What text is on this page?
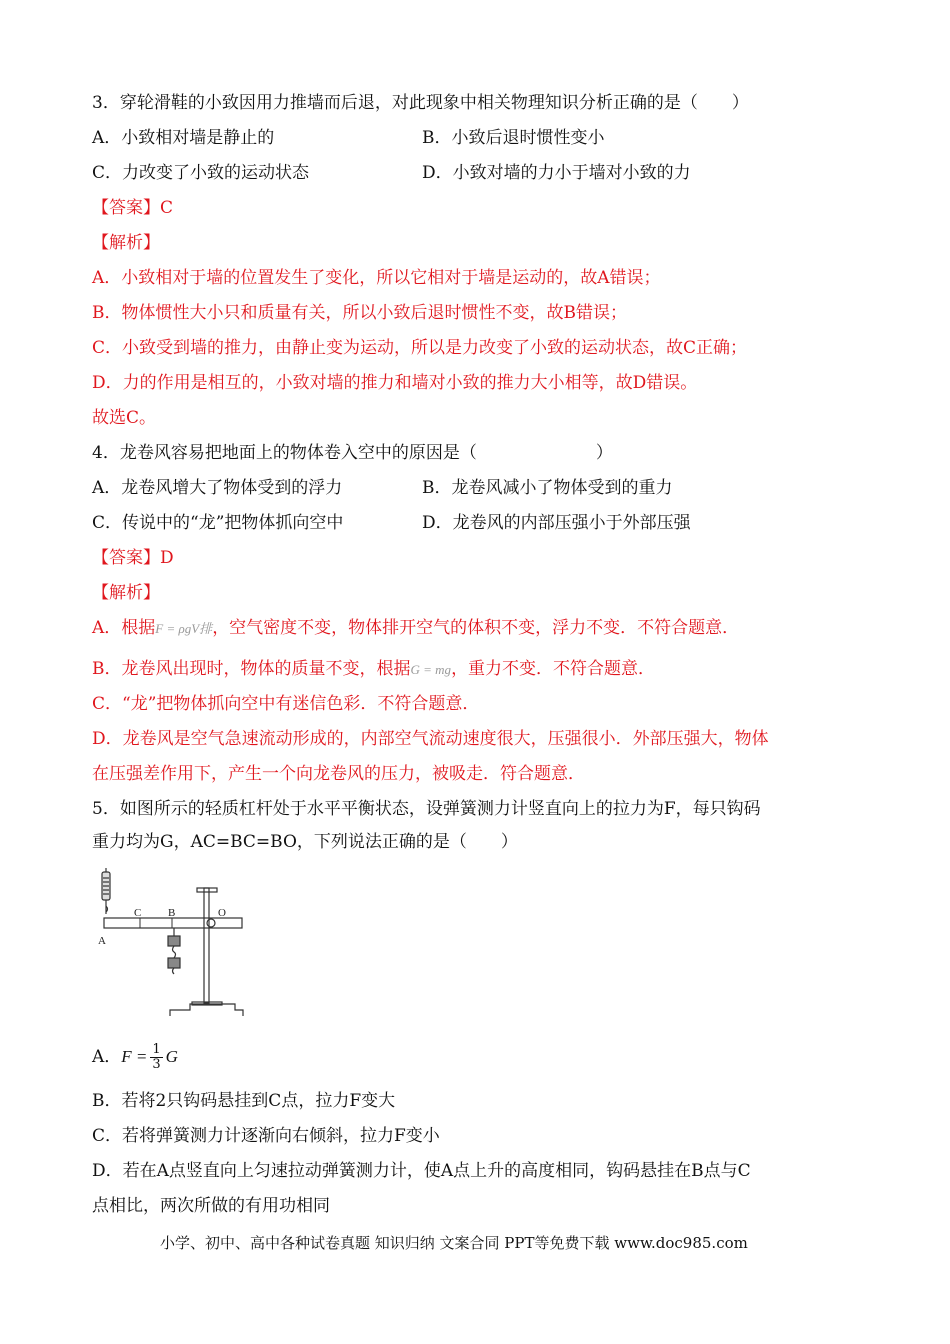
3．穿轮滑鞋的小致因用力推墙而后退，对此现象中相关物理知识分析正确的是（　　）
A．小致相对墙是静止的	B．小致后退时惯性变小
C．力改变了小致的运动状态	D．小致对墙的力小于墙对小致的力
【答案】C
【解析】
A．小致相对于墙的位置发生了变化，所以它相对于墙是运动的，故A错误；
B．物体惯性大小只和质量有关，所以小致后退时惯性不变，故B错误；
C．小致受到墙的推力，由静止变为运动，所以是力改变了小致的运动状态，故C正确；
D．力的作用是相互的，小致对墙的推力和墙对小致的推力大小相等，故D错误。
故选C。
4．龙卷风容易把地面上的物体卷入空中的原因是（　　　　　　　）
A．龙卷风增大了物体受到的浮力	B．龙卷风减小了物体受到的重力
C．传说中的“龙”把物体抓向空中	D．龙卷风的内部压强小于外部压强
【答案】D
【解析】
A．根据F = ρgV排，空气密度不变，物体排开空气的体积不变，浮力不变．不符合题意．
B．龙卷风出现时，物体的质量不变，根据G = mg，重力不变．不符合题意．
C．“龙”把物体抓向空中有迷信色彩．不符合题意．
D．龙卷风是空气急速流动形成的，内部空气流动速度很大，压强很小．外部压强大，物体
在压强差作用下，产生一个向龙卷风的压力，被吸走．符合题意．
5．如图所示的轻质杠杆处于水平平衡状态，设弹簧测力计竖直向上的拉力为F，每只钩码
重力均为G，AC=BC=BO，下列说法正确的是（　　）
C B	O
A
A．$F = \frac{1}{3}$ G
B．若将2只钩码悬挂到C点，拉力F变大
C．若将弹簧测力计逐渐向右倾斜，拉力F变小
D．若在A点竖直向上匀速拉动弹簧测力计，使A点上升的高度相同，钩码悬挂在B点与C
点相比，两次所做的有用功相同
小学、初中、高中各种试卷真题 知识归纳 文案合同 PPT等免费下载 www.doc985.com
